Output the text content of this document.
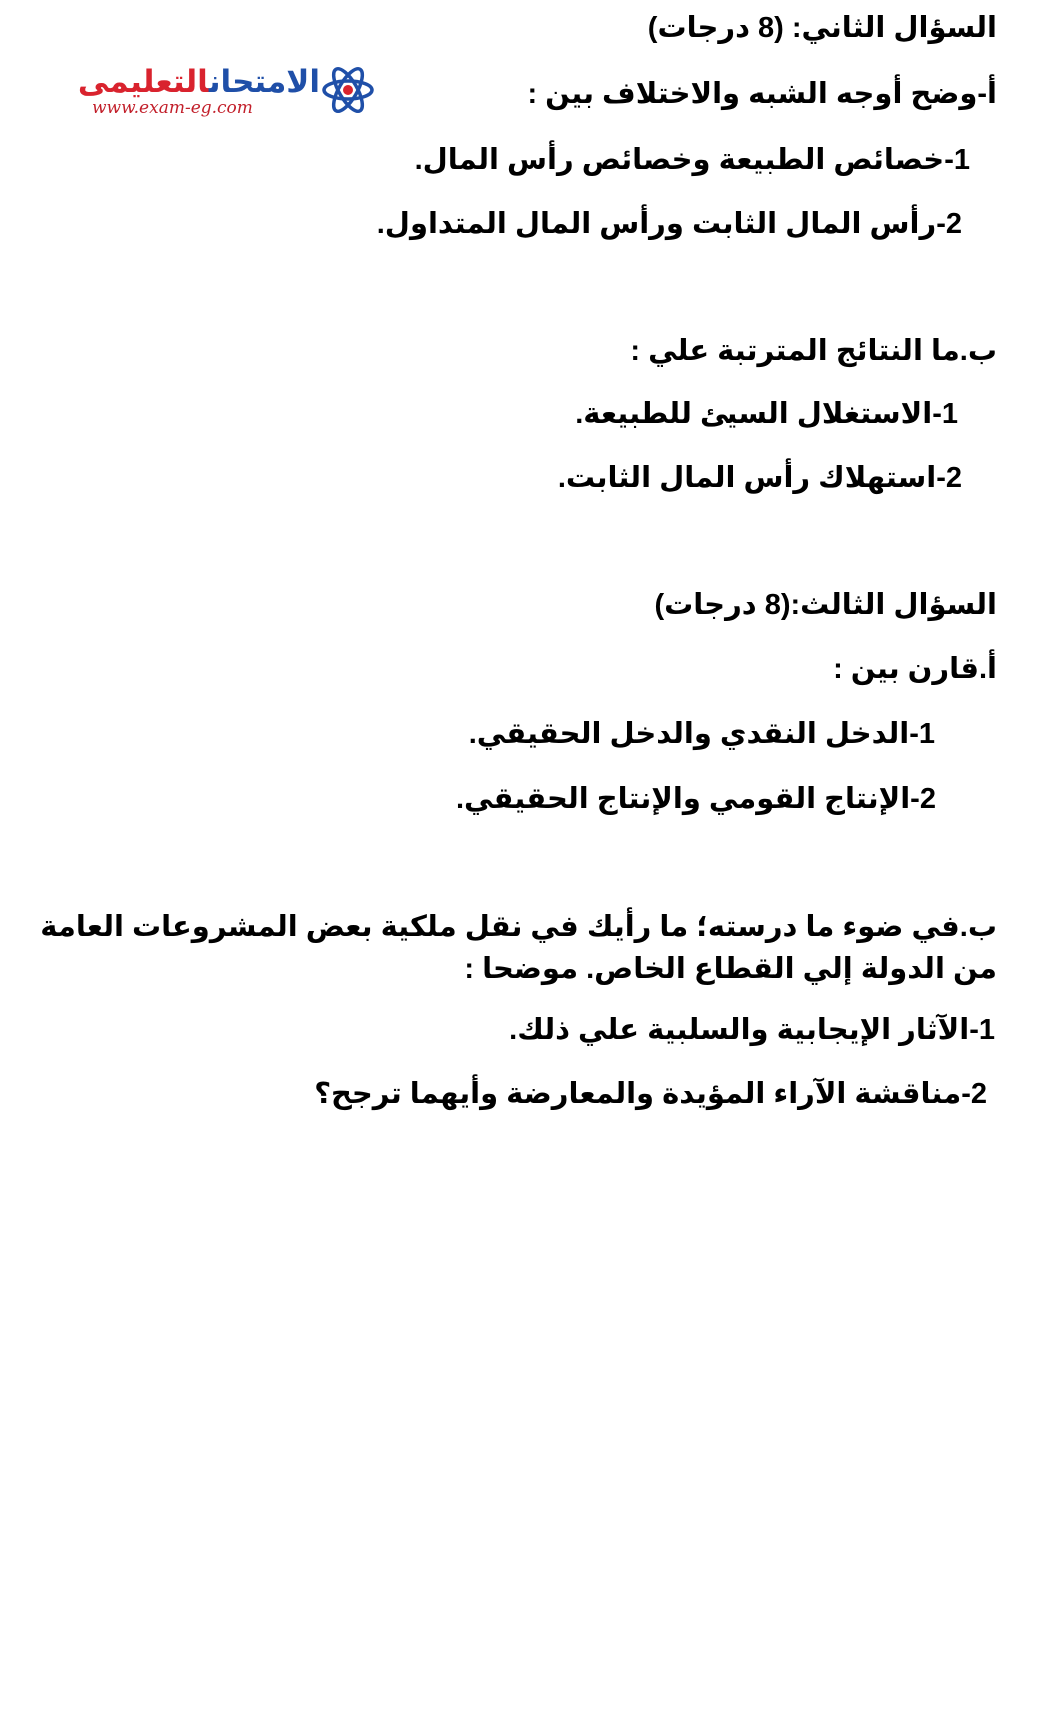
الامتحانالتعليمى
www.exam-eg.com
السؤال الثاني: (8 درجات)
أ-وضح أوجه الشبه والاختلاف بين :
1-خصائص الطبيعة وخصائص رأس المال.
2-رأس المال الثابت ورأس المال المتداول.
ب.ما النتائج المترتبة علي :
1-الاستغلال السيئ للطبيعة.
2-استهلاك رأس المال الثابت.
السؤال الثالث:(8 درجات)
أ.قارن بين :
1-الدخل النقدي والدخل الحقيقي.
2-الإنتاج القومي والإنتاج الحقيقي.
ب.في ضوء ما درسته؛ ما رأيك في نقل ملكية بعض المشروعات العامة من الدولة إلي القطاع الخاص. موضحا :
1-الآثار الإيجابية والسلبية علي ذلك.
2-مناقشة الآراء المؤيدة والمعارضة وأيهما ترجح؟
